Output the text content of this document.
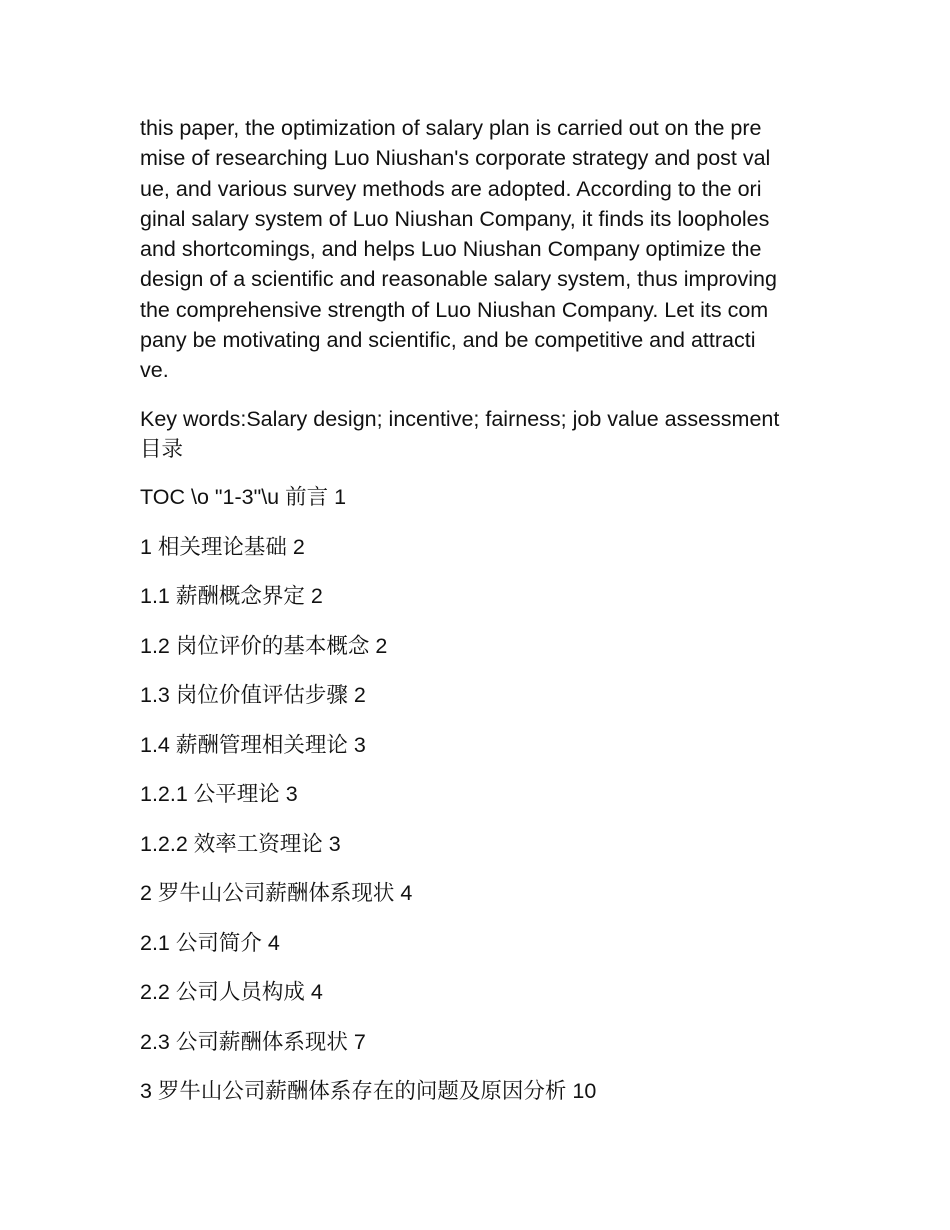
this paper, the optimization of salary plan is carried out on the pre
mise of researching Luo Niushan's corporate strategy and post val
ue, and various survey methods are adopted. According to the ori
ginal salary system of Luo Niushan Company, it finds its loopholes
and shortcomings, and helps Luo Niushan Company optimize the
design of a scientific and reasonable salary system, thus improving
the comprehensive strength of Luo Niushan Company. Let its com
pany be motivating and scientific, and be competitive and attracti
ve.
Key words:Salary design; incentive; fairness; job value assessment
目录
TOC \o "1-3"\u 前言 1
1 相关理论基础 2
1.1 薪酬概念界定 2
1.2 岗位评价的基本概念 2
1.3 岗位价值评估步骤 2
1.4 薪酬管理相关理论 3
1.2.1 公平理论 3
1.2.2 效率工资理论 3
2 罗牛山公司薪酬体系现状 4
2.1 公司简介 4
2.2 公司人员构成 4
2.3 公司薪酬体系现状 7
3 罗牛山公司薪酬体系存在的问题及原因分析 10
